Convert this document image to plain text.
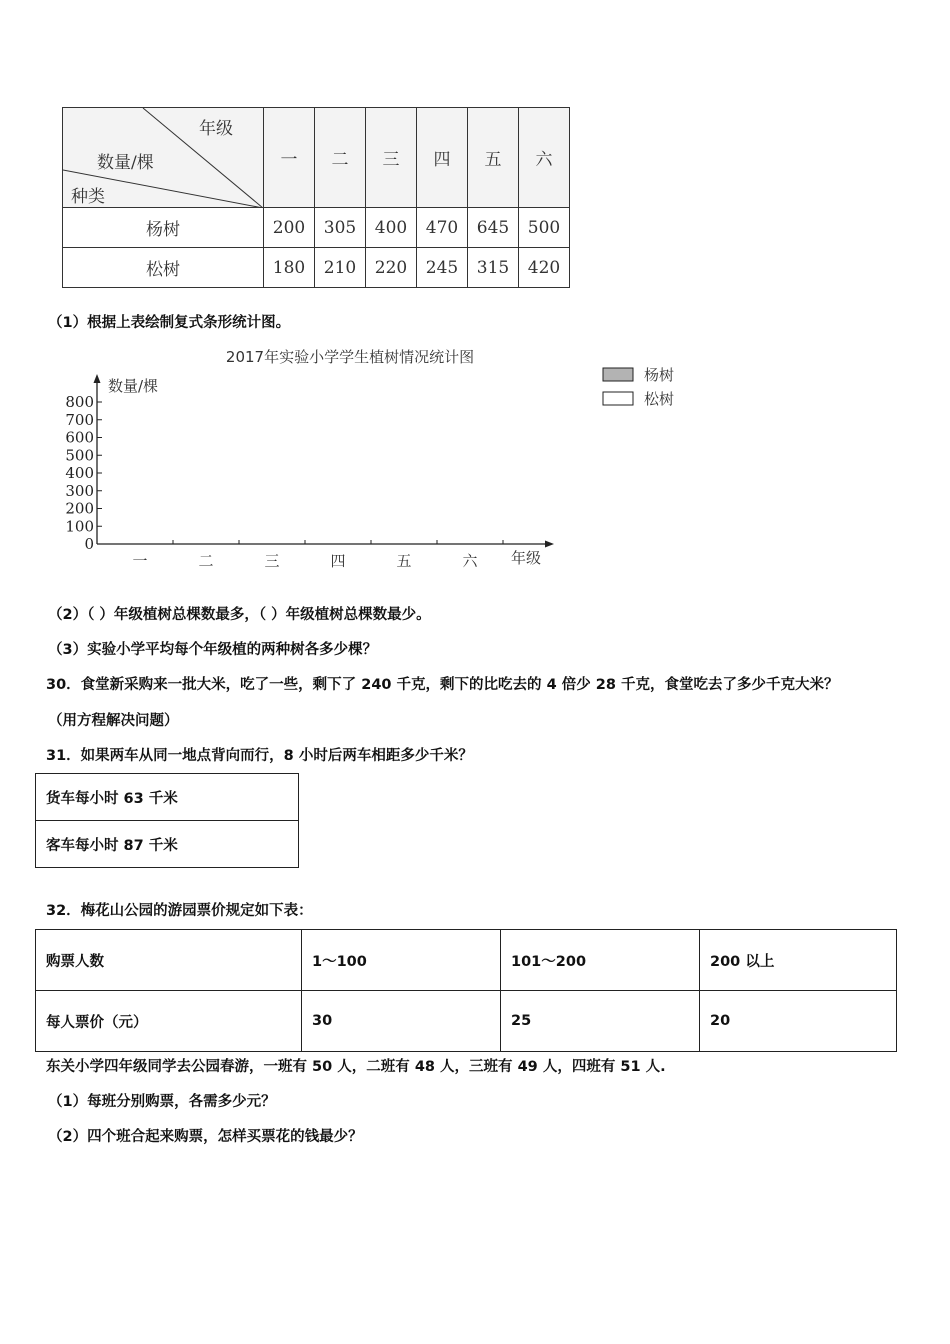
年级
数量/棵
种类	一	二	三	四	五	六
杨树	200	305	400	470	645	500
松树	180	210	220	245	315	420
（1）根据上表绘制复式条形统计图。
2017年实验小学学生植树情况统计图
数量/棵
年级
0
100
200
300
400
500
600
700
800
一	二	三	四	五	六
杨树
松树
（2）（ ）年级植树总棵数最多，（ ）年级植树总棵数最少。
（3）实验小学平均每个年级植的两种树各多少棵？
30．食堂新采购来一批大米，吃了一些，剩下了 240 千克，剩下的比吃去的 4 倍少 28 千克，食堂吃去了多少千克大米？
（用方程解决问题）
31．如果两车从同一地点背向而行，8 小时后两车相距多少千米？
货车每小时 63 千米
客车每小时 87 千米
32．梅花山公园的游园票价规定如下表：
购票人数	1～100	101～200	200 以上
每人票价（元）	30	25	20
东关小学四年级同学去公园春游，一班有 50 人，二班有 48 人，三班有 49 人，四班有 51 人.
（1）每班分别购票，各需多少元？
（2）四个班合起来购票，怎样买票花的钱最少？
